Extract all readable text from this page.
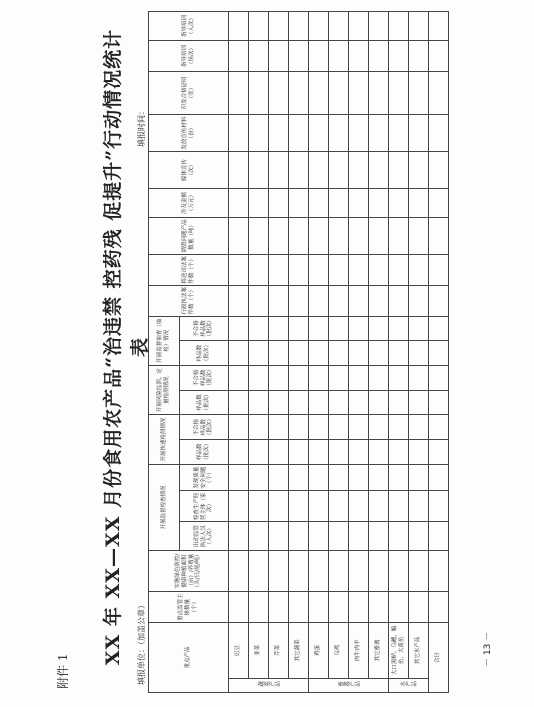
附件 1
XX 年 XX—XX 月份食用农产品“治违禁 控药残 促提升”行动情况统计表
填报单位：（加盖公章）
填报时间：
重点产品		重点监管主体数量（个）	实施绿色防控/健康种植面积（亩）/养殖量（头/只/尾/吨）	开展监督检查情况			开展快速检测情况		开展风险监测、定量检测情况		开展监督抽查（抽检）情况		行政执法案件数（个）	移送司法案件数（个）	销毁问题产品数量（吨）	涉及金额（万元）	媒体宣传（次）	发放宣传材料（份）	印发合格证明（张）	指导培训（场次）	指导培训（人次）
				出动监管执法人员（人次）	检查生产经营主体（家次）	发现质量安全问题（个）	样品数（批次）	不合格样品数（批次）	样品数（批次）	不合格样品数（批次）	样品数（批次）	不合格样品数（批次）									
蔬菜产品	豇豆																				
	韭菜																				
	芹菜																				
	其它蔬菜																				
畜禽产品	鸡蛋																				
	乌鸡																				
	肉牛肉羊																				
	其它畜禽																				
水产品	大口黑鲈、乌鳢、鳊鱼、大黄鱼																				
	其它水产品																				
合计																						－ 13 －
